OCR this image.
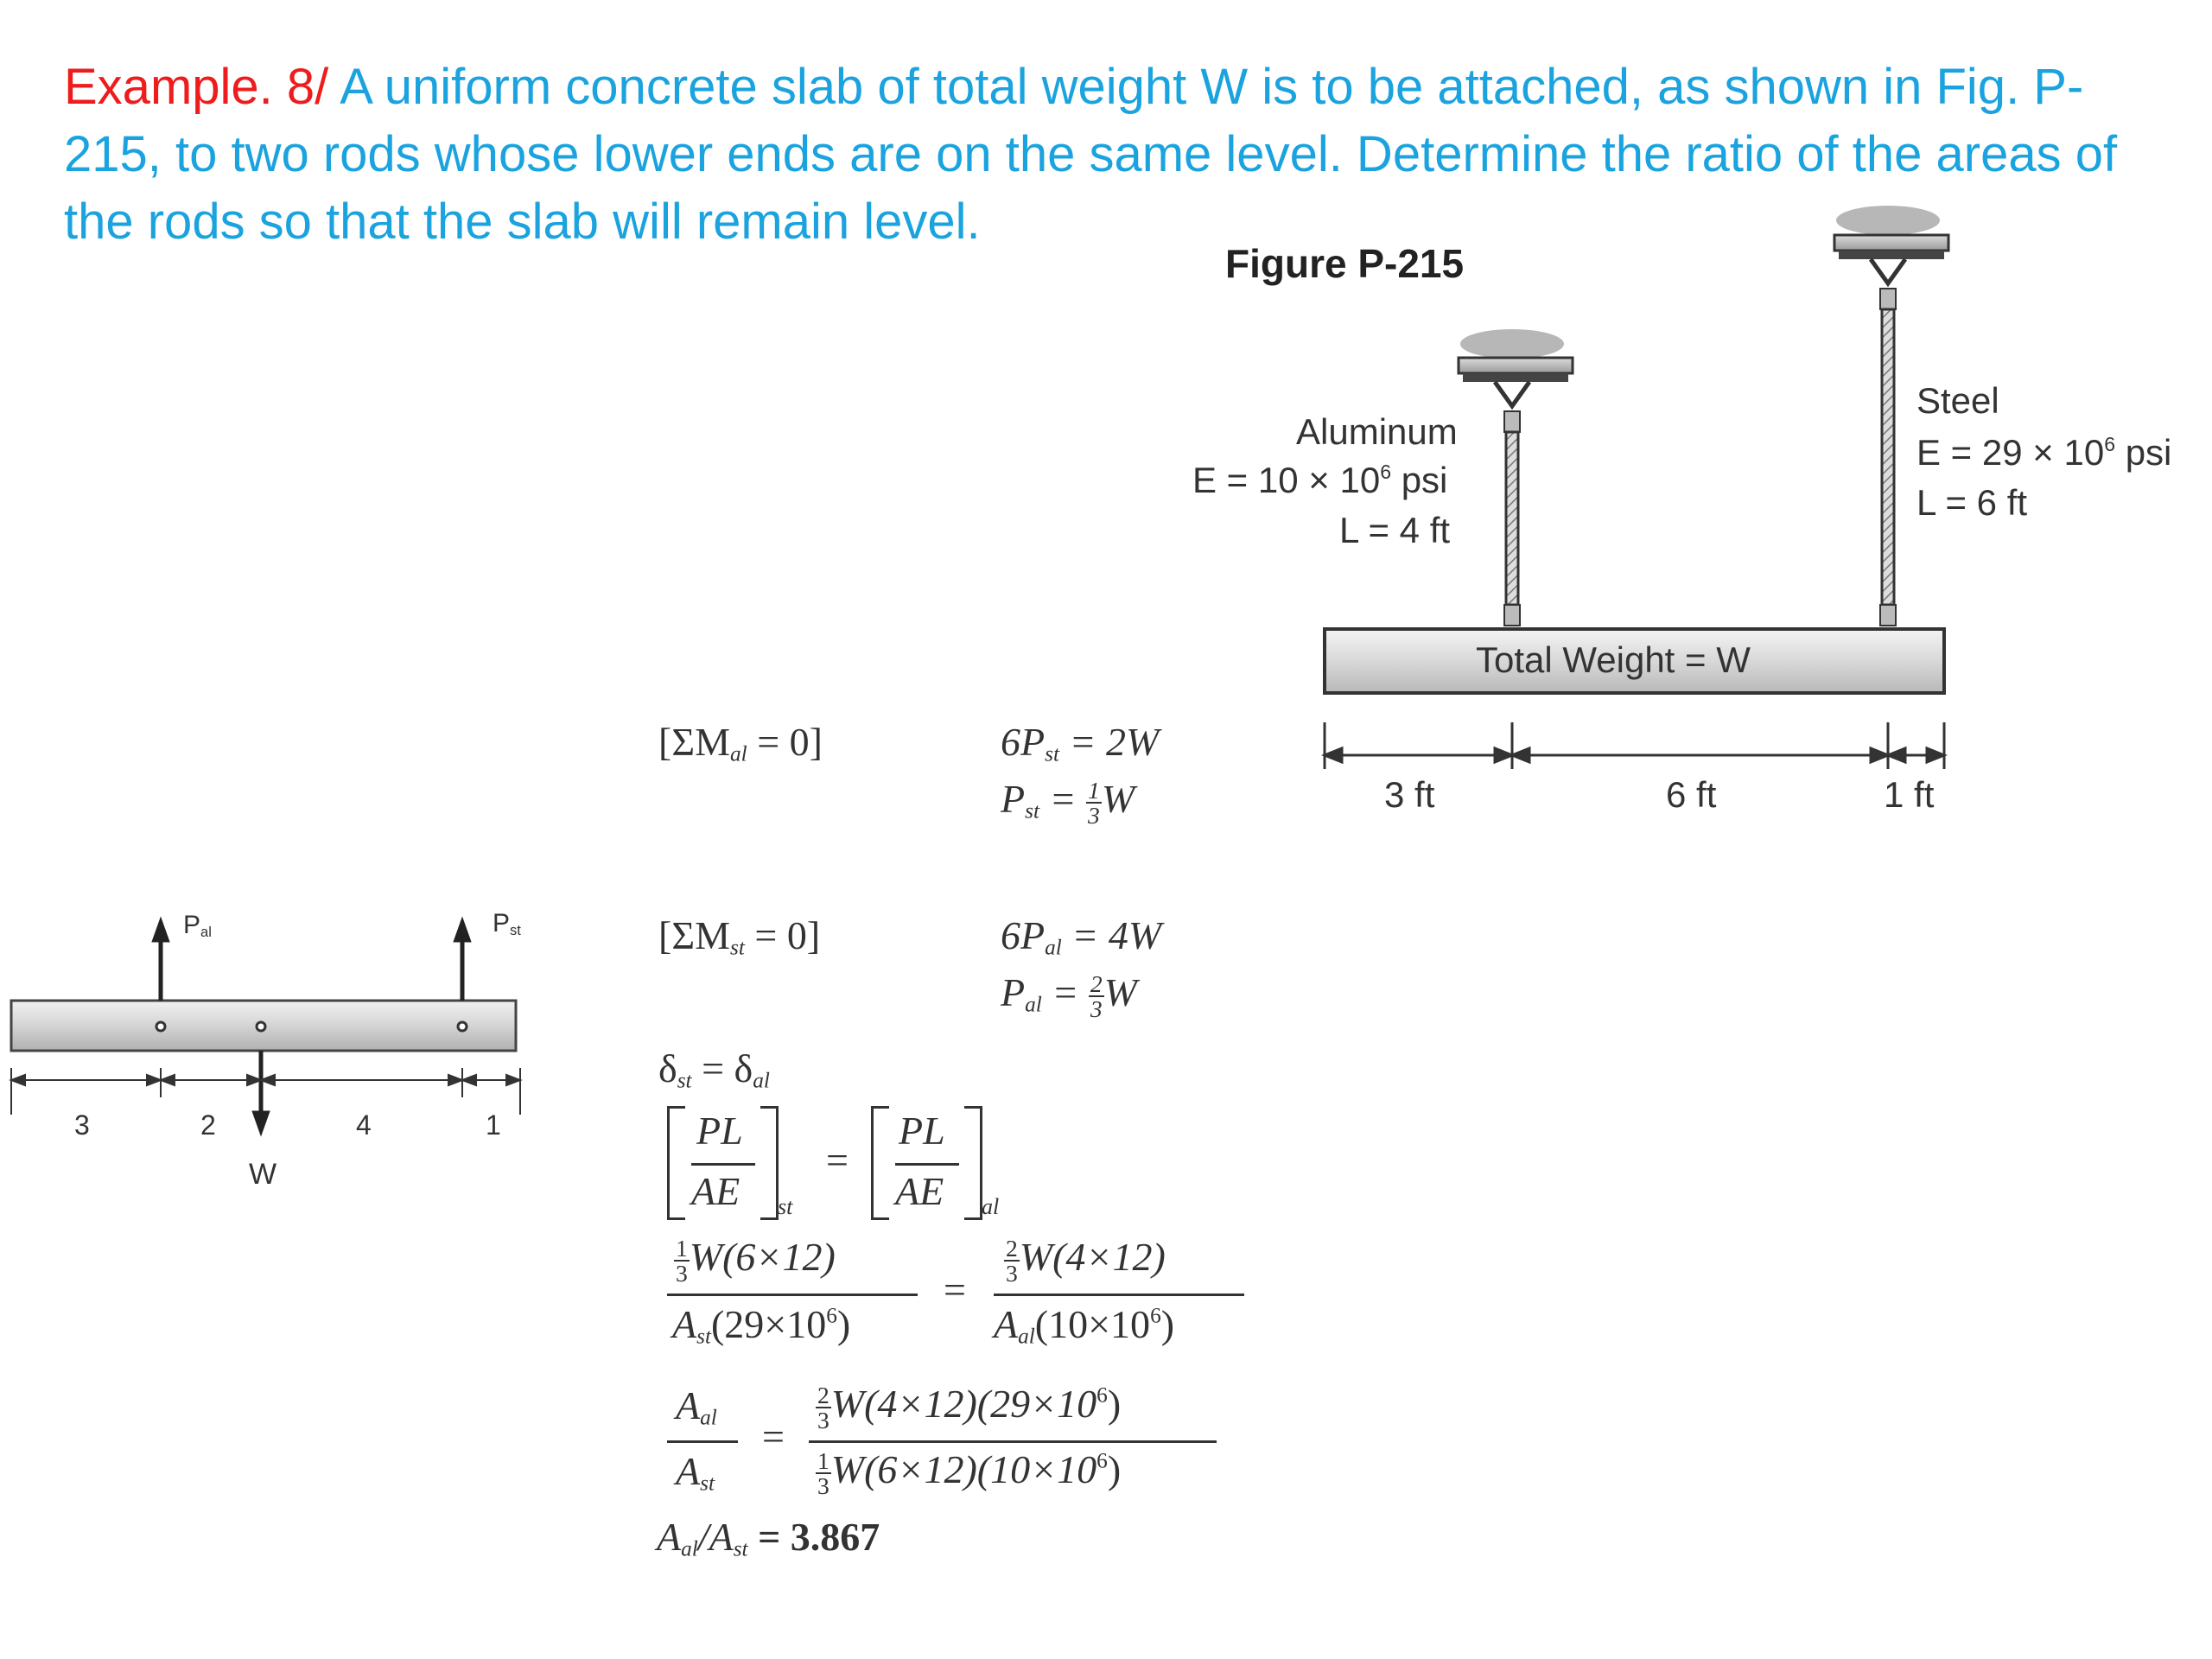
Example. 8/ A uniform concrete slab of total weight W is to be attached, as shown in Fig. P-215, to two rods whose lower ends are on the same level. Determine the ratio of the areas of the rods so that the slab will remain level.
Figure P-215
Aluminum
$E = 10 \times 10^6$ psi
L = 4 ft
Steel
$E = 29 \times 10^6$ psi
L = 6 ft
Total Weight = W
3 ft	6 ft	1 ft
$P_{al}$	$P_{st}$
W
3	2	4	1
$[\Sigma M_{al} = 0]$	$6P_{st} = 2W$
$P_{st} = \frac{1}{3}$ W
$[\Sigma M_{st} = 0]$	$6P_{al} = 4W$
$P_{al} = \frac{2}{3}$ W
$\delta_{st} = \delta_{al}$
PL
AE st
=
PL
AE al
$\frac{1}{3} W(6\times 12)$
$A_{st}(29\times 10^6)$
=
$\frac{2}{3} W(4\times 12)$
$A_{al}(10\times 10^6)$
$A_{al}$
$A_{st}$
=
$\frac{2}{3} W(4\times 12)(29\times 10^6)$
$\frac{1}{3} W(6\times 12)(10\times 10^6)$
$A_{al}/A_{st} = 3.867$
